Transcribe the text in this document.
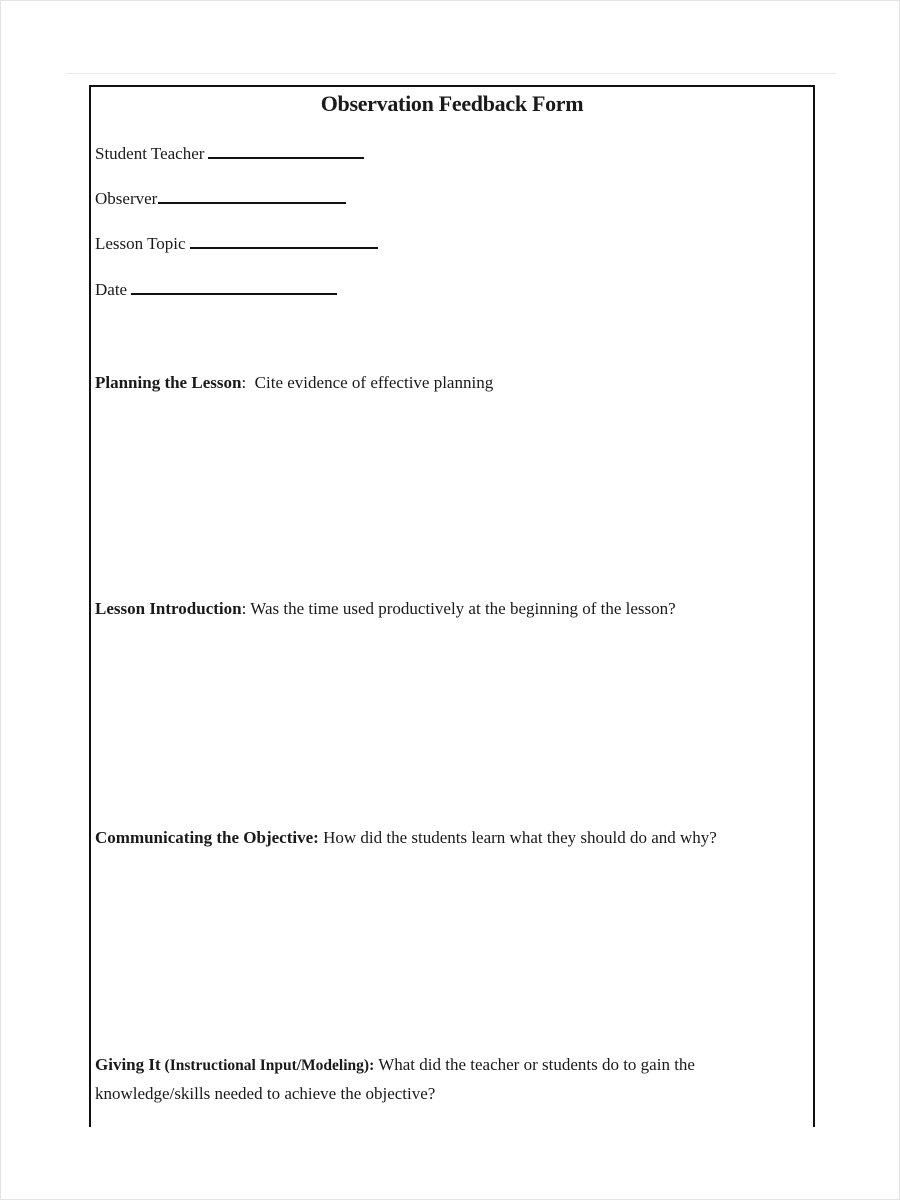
Observation Feedback Form
Student Teacher
Observer
Lesson Topic
Date
Planning the Lesson:  Cite evidence of effective planning
Lesson Introduction: Was the time used productively at the beginning of the lesson?
Communicating the Objective: How did the students learn what they should do and why?
Giving It (Instructional Input/Modeling): What did the teacher or students do to gain the knowledge/skills needed to achieve the objective?
